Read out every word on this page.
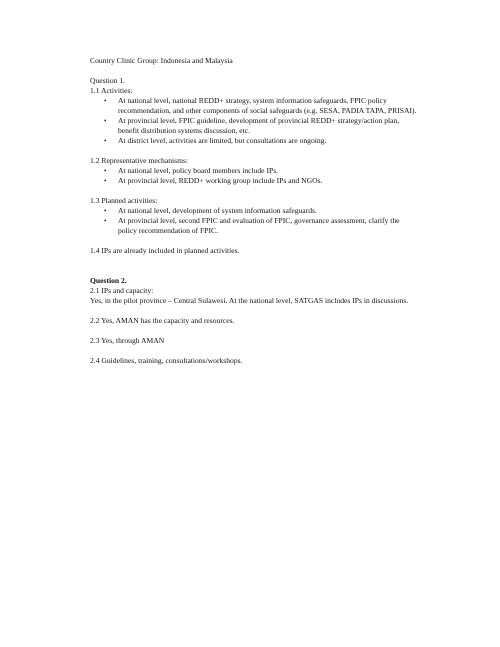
Country Clinic Group: Indonesia and Malaysia

Question 1.

1.1 Activities:

• At national level, national REDD+ strategy, system information safeguards, FPIC policy recommendation, and other components of social safeguards (e.g. SESA, PADIA TAPA, PRISAI).
• At provincial level, FPIC guideline, development of provincial REDD+ strategy/action plan, benefit distribution systems discussion, etc.
• At district level, activities are limited, but consultations are ongoing.

1.2 Representative mechanisms:

• At national level, policy board members include IPs.
• At provincial level, REDD+ working group include IPs and NGOs.

1.3 Planned activities:

• At national level, development of system information safeguards.
• At provincial level, second FPIC and evaluation of FPIC, governance assessment, clarify the policy recommendation of FPIC.

1.4 IPs are already included in planned activities.

Question 2.

2.1 IPs and capacity:

Yes, in the pilot province – Central Sulawesi. At the national level, SATGAS includes IPs in discussions.

2.2 Yes, AMAN has the capacity and resources.

2.3 Yes, through AMAN

2.4 Guidelines, training, consultations/workshops.
